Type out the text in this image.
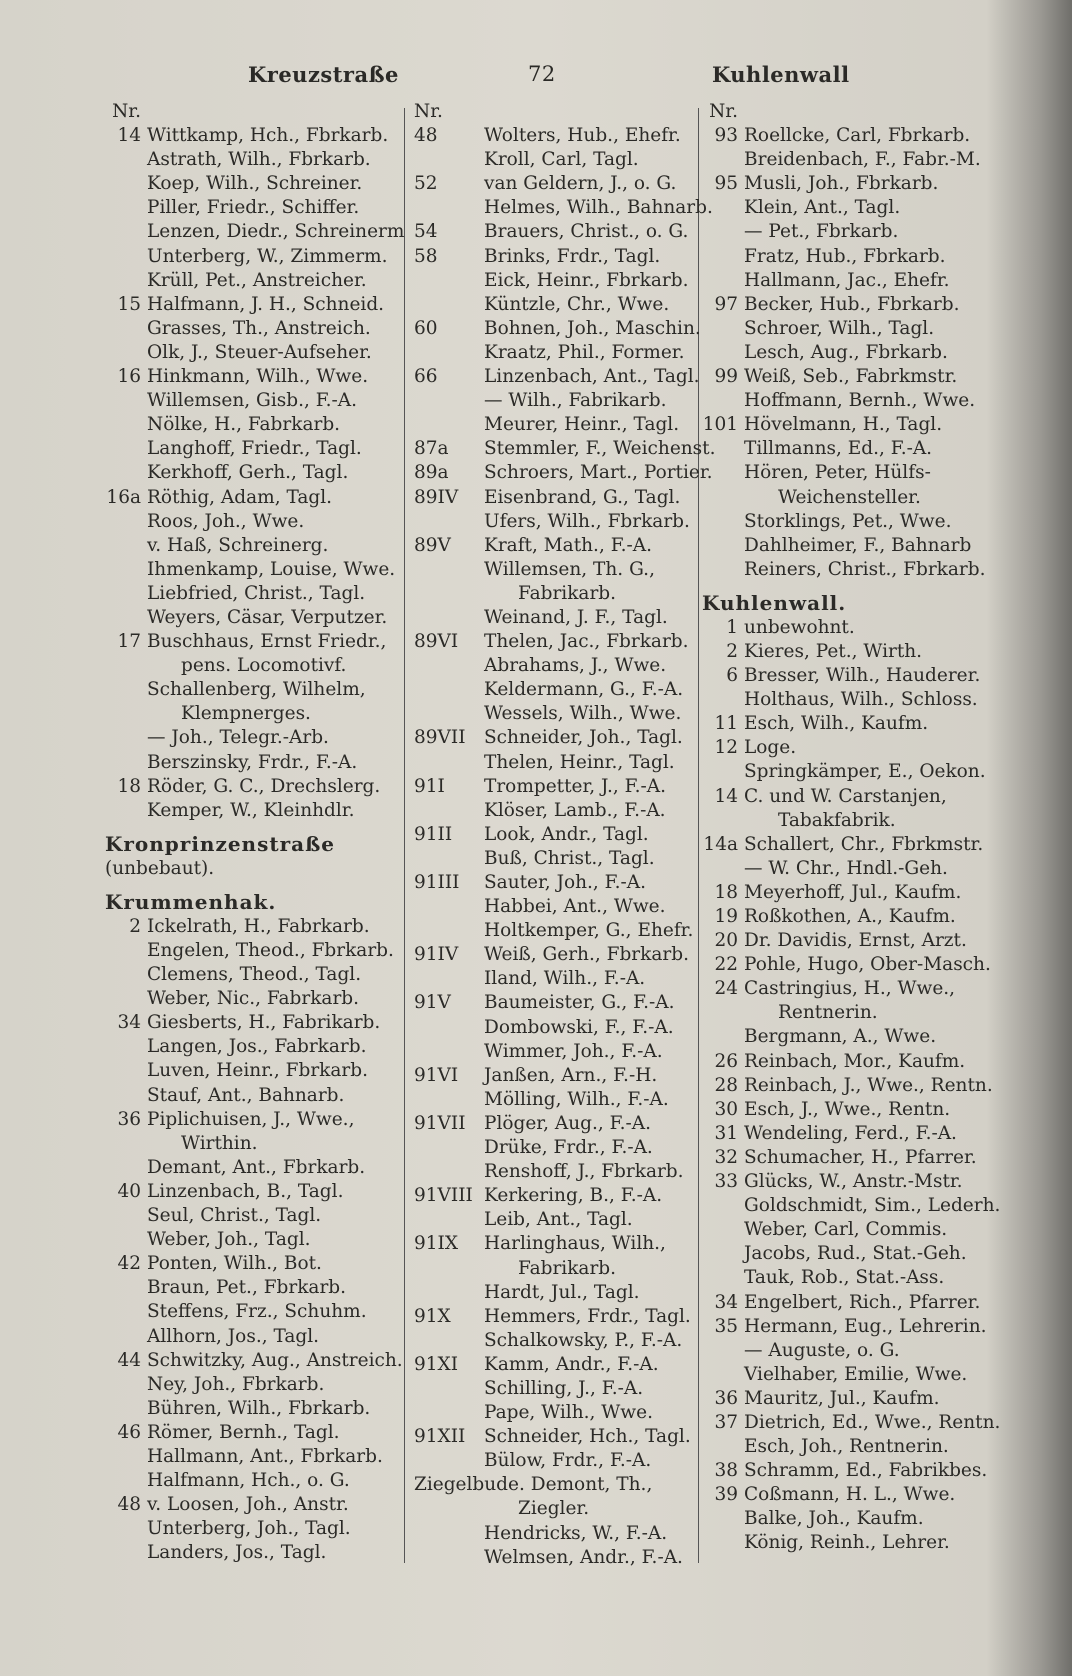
Kreuzstraße	72	Kuhlenwall
Nr.
14 Wittkamp, Hch., Fbrkarb.
Astrath, Wilh., Fbrkarb.
Koep, Wilh., Schreiner.
Piller, Friedr., Schiffer.
Lenzen, Diedr., Schreinerm
Unterberg, W., Zimmerm.
Krüll, Pet., Anstreicher.
15 Halfmann, J. H., Schneid.
Grasses, Th., Anstreich.
Olk, J., Steuer-Aufseher.
16 Hinkmann, Wilh., Wwe.
Willemsen, Gisb., F.-A.
Nölke, H., Fabrkarb.
Langhoff, Friedr., Tagl.
Kerkhoff, Gerh., Tagl.
16a Röthig, Adam, Tagl.
Roos, Joh., Wwe.
v. Haß, Schreinerg.
Ihmenkamp, Louise, Wwe.
Liebfried, Christ., Tagl.
Weyers, Cäsar, Verputzer.
17 Buschhaus, Ernst Friedr.,
pens. Locomotivf.
Schallenberg, Wilhelm,
Klempnerges.
— Joh., Telegr.-Arb.
Berszinsky, Frdr., F.-A.
18 Röder, G. C., Drechslerg.
Kemper, W., Kleinhdlr.
Kronprinzenstraße
(unbebaut).
Krummenhak.
2 Ickelrath, H., Fabrkarb.
Engelen, Theod., Fbrkarb.
Clemens, Theod., Tagl.
Weber, Nic., Fabrkarb.
34 Giesberts, H., Fabrikarb.
Langen, Jos., Fabrkarb.
Luven, Heinr., Fbrkarb.
Stauf, Ant., Bahnarb.
36 Piplichuisen, J., Wwe.,
Wirthin.
Demant, Ant., Fbrkarb.
40 Linzenbach, B., Tagl.
Seul, Christ., Tagl.
Weber, Joh., Tagl.
42 Ponten, Wilh., Bot.
Braun, Pet., Fbrkarb.
Steffens, Frz., Schuhm.
Allhorn, Jos., Tagl.
44 Schwitzky, Aug., Anstreich.
Ney, Joh., Fbrkarb.
Bühren, Wilh., Fbrkarb.
46 Römer, Bernh., Tagl.
Hallmann, Ant., Fbrkarb.
Halfmann, Hch., o. G.
48 v. Loosen, Joh., Anstr.
Unterberg, Joh., Tagl.
Landers, Jos., Tagl.
Nr.
48	Wolters, Hub., Ehefr.
Kroll, Carl, Tagl.
52	van Geldern, J., o. G.
Helmes, Wilh., Bahnarb.
54	Brauers, Christ., o. G.
58	Brinks, Frdr., Tagl.
Eick, Heinr., Fbrkarb.
Küntzle, Chr., Wwe.
60	Bohnen, Joh., Maschin.
Kraatz, Phil., Former.
66	Linzenbach, Ant., Tagl.
— Wilh., Fabrikarb.
Meurer, Heinr., Tagl.
87a	Stemmler, F., Weichenst.
89a	Schroers, Mart., Portier.
89IV	Eisenbrand, G., Tagl.
Ufers, Wilh., Fbrkarb.
89V	Kraft, Math., F.-A.
Willemsen, Th. G.,
Fabrikarb.
Weinand, J. F., Tagl.
89VI	Thelen, Jac., Fbrkarb.
Abrahams, J., Wwe.
Keldermann, G., F.-A.
Wessels, Wilh., Wwe.
89VII Schneider, Joh., Tagl.
Thelen, Heinr., Tagl.
91I	Trompetter, J., F.-A.
Klöser, Lamb., F.-A.
91II	Look, Andr., Tagl.
Buß, Christ., Tagl.
91III	Sauter, Joh., F.-A.
Habbei, Ant., Wwe.
Holtkemper, G., Ehefr.
91IV	Weiß, Gerh., Fbrkarb.
Iland, Wilh., F.-A.
91V	Baumeister, G., F.-A.
Dombowski, F., F.-A.
Wimmer, Joh., F.-A.
91VI	Janßen, Arn., F.-H.
Mölling, Wilh., F.-A.
91VII Plöger, Aug., F.-A.
Drüke, Frdr., F.-A.
Renshoff, J., Fbrkarb.
91VIII Kerkering, B., F.-A.
Leib, Ant., Tagl.
91IX	Harlinghaus, Wilh.,
Fabrikarb.
Hardt, Jul., Tagl.
91X	Hemmers, Frdr., Tagl.
Schalkowsky, P., F.-A.
91XI	Kamm, Andr., F.-A.
Schilling, J., F.-A.
Pape, Wilh., Wwe.
91XII	Schneider, Hch., Tagl.
Bülow, Frdr., F.-A.
Ziegelbude. Demont, Th.,
Ziegler.
Hendricks, W., F.-A.
Welmsen, Andr., F.-A.
Nr.
93 Roellcke, Carl, Fbrkarb.
Breidenbach, F., Fabr.-M.
95 Musli, Joh., Fbrkarb.
Klein, Ant., Tagl.
— Pet., Fbrkarb.
Fratz, Hub., Fbrkarb.
Hallmann, Jac., Ehefr.
97 Becker, Hub., Fbrkarb.
Schroer, Wilh., Tagl.
Lesch, Aug., Fbrkarb.
99 Weiß, Seb., Fabrkmstr.
Hoffmann, Bernh., Wwe.
101 Hövelmann, H., Tagl.
Tillmanns, Ed., F.-A.
Hören, Peter, Hülfs-
Weichensteller.
Storklings, Pet., Wwe.
Dahlheimer, F., Bahnarb
Reiners, Christ., Fbrkarb.
Kuhlenwall.
1 unbewohnt.
2 Kieres, Pet., Wirth.
6 Bresser, Wilh., Hauderer.
Holthaus, Wilh., Schloss.
11 Esch, Wilh., Kaufm.
12 Loge.
Springkämper, E., Oekon.
14 C. und W. Carstanjen,
Tabakfabrik.
14a Schallert, Chr., Fbrkmstr.
— W. Chr., Hndl.-Geh.
18 Meyerhoff, Jul., Kaufm.
19 Roßkothen, A., Kaufm.
20 Dr. Davidis, Ernst, Arzt.
22 Pohle, Hugo, Ober-Masch.
24 Castringius, H., Wwe.,
Rentnerin.
Bergmann, A., Wwe.
26 Reinbach, Mor., Kaufm.
28 Reinbach, J., Wwe., Rentn.
30 Esch, J., Wwe., Rentn.
31 Wendeling, Ferd., F.-A.
32 Schumacher, H., Pfarrer.
33 Glücks, W., Anstr.-Mstr.
Goldschmidt, Sim., Lederh.
Weber, Carl, Commis.
Jacobs, Rud., Stat.-Geh.
Tauk, Rob., Stat.-Ass.
34 Engelbert, Rich., Pfarrer.
35 Hermann, Eug., Lehrerin.
— Auguste, o. G.
Vielhaber, Emilie, Wwe.
36 Mauritz, Jul., Kaufm.
37 Dietrich, Ed., Wwe., Rentn.
Esch, Joh., Rentnerin.
38 Schramm, Ed., Fabrikbes.
39 Coßmann, H. L., Wwe.
Balke, Joh., Kaufm.
König, Reinh., Lehrer.
